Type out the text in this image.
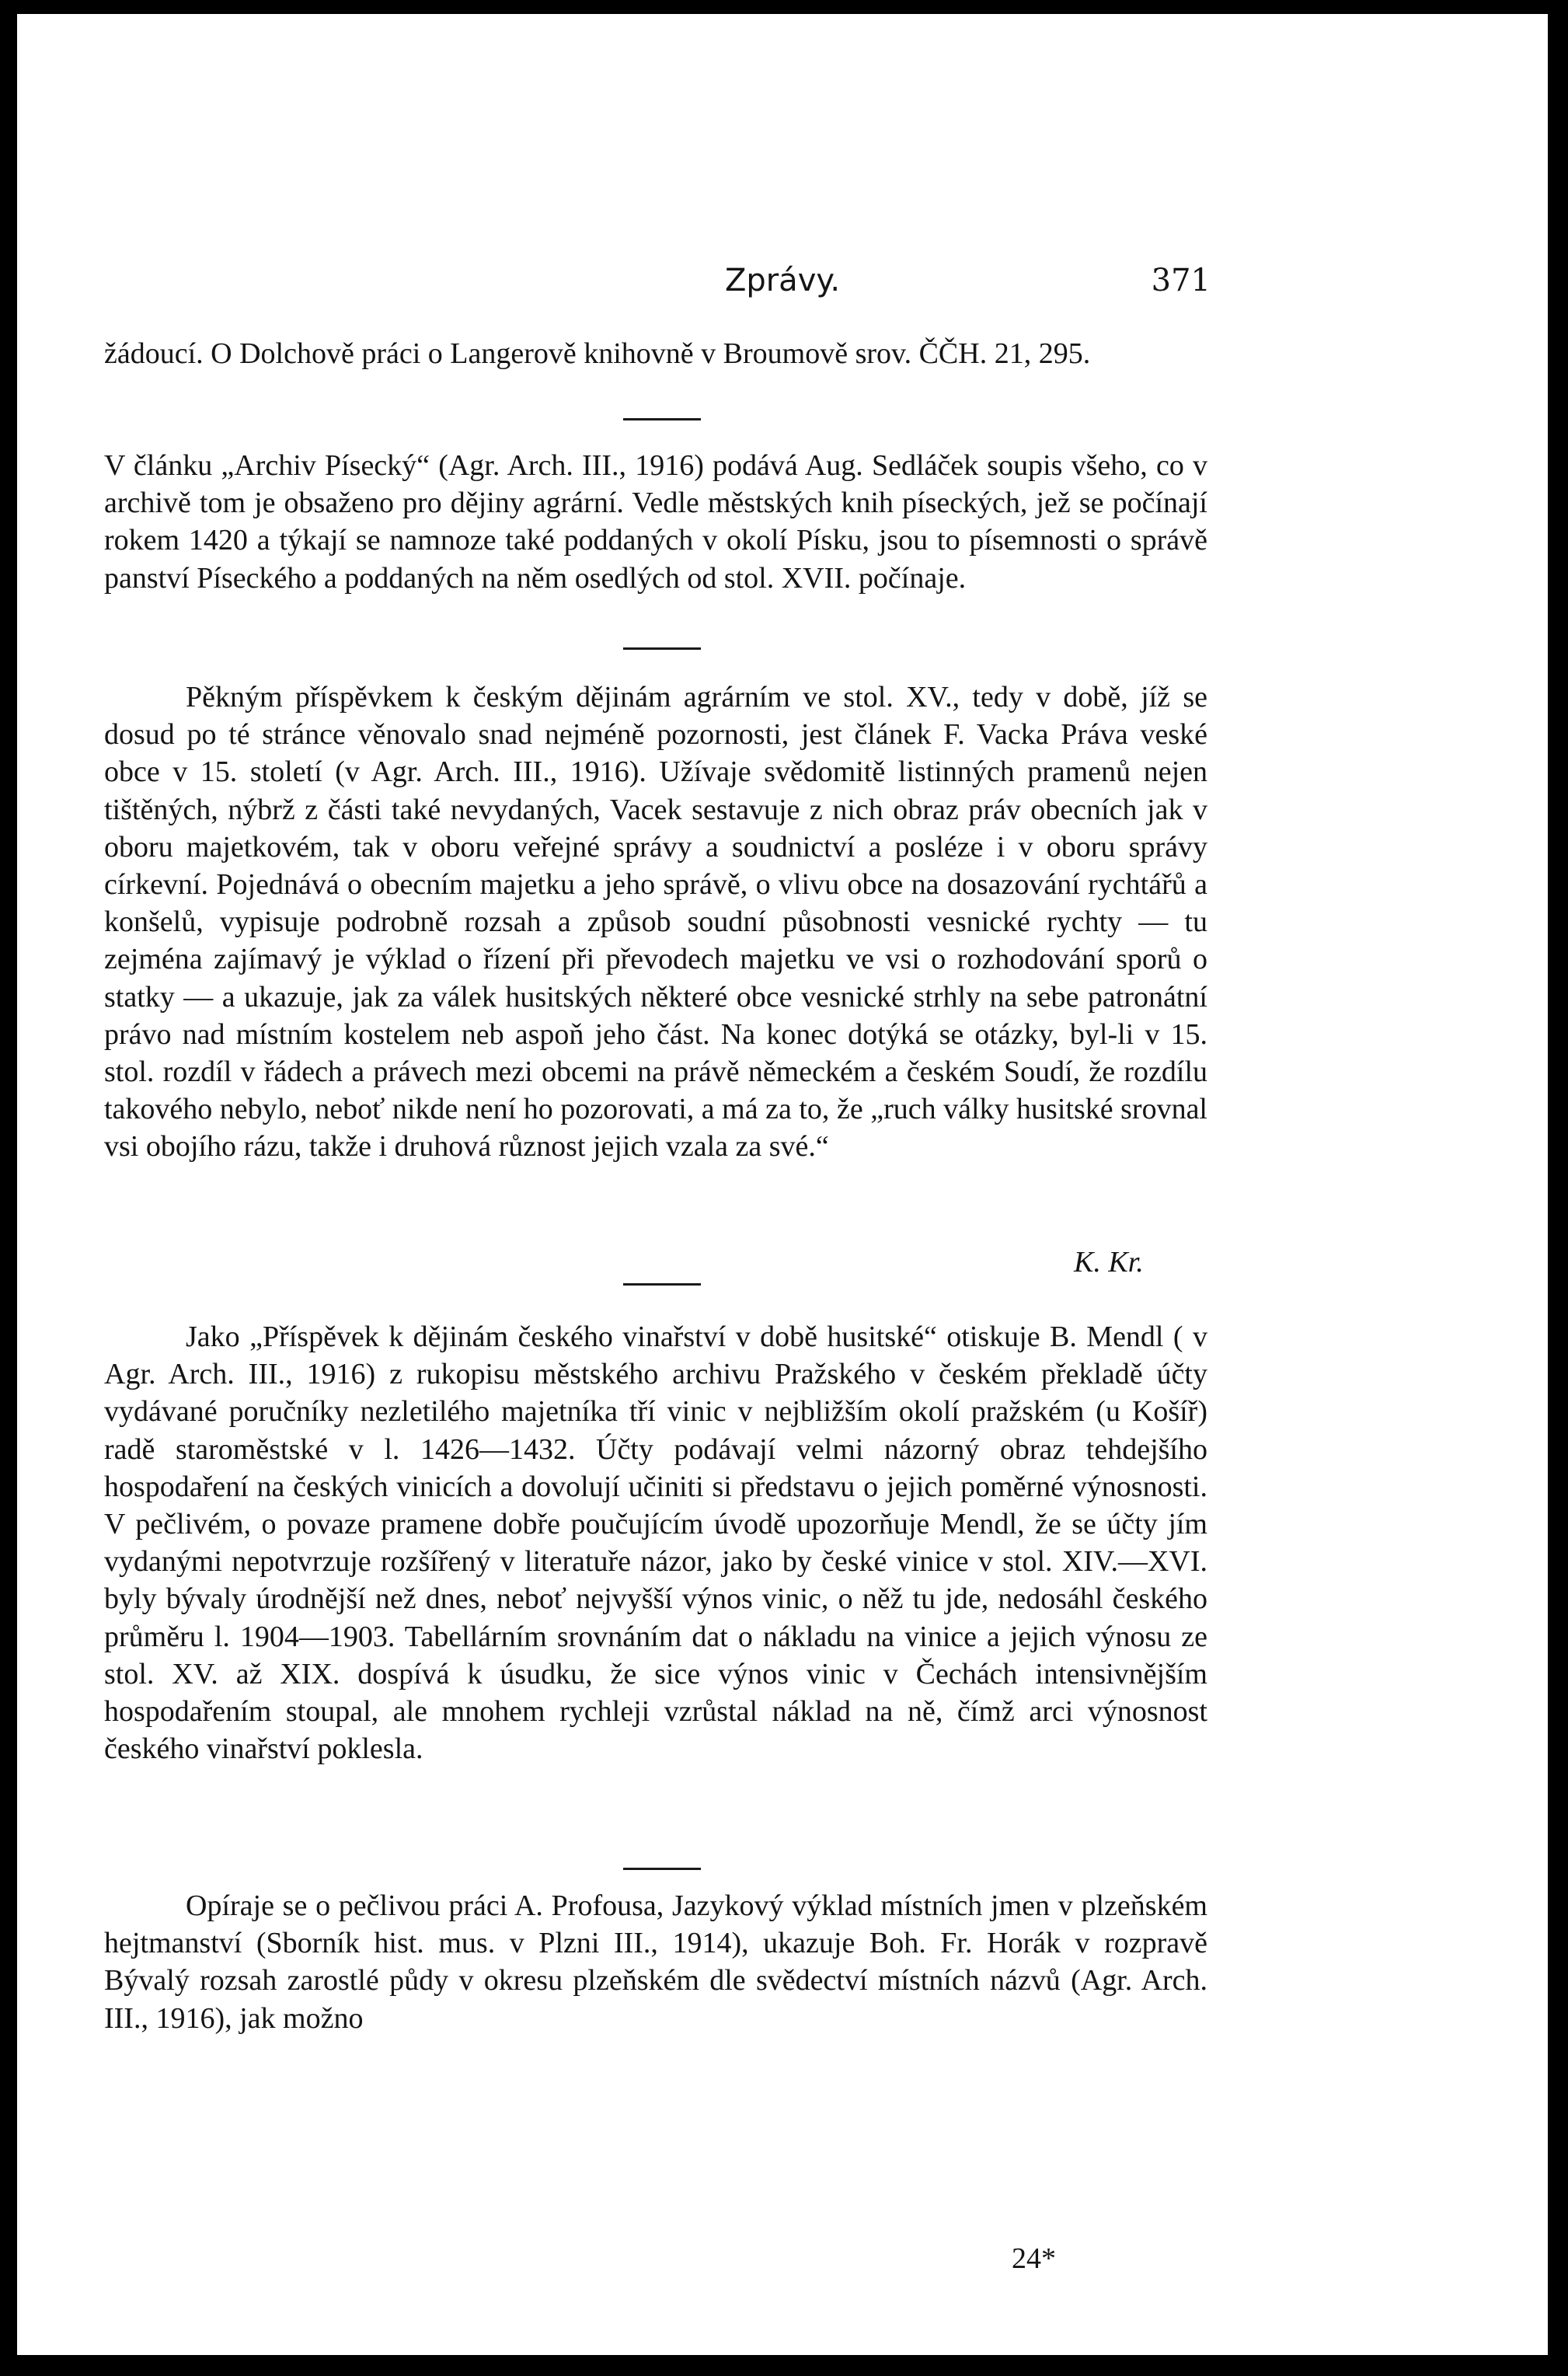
Zprávy.	371
žádoucí. O Dolchově práci o Langerově knihovně v Broumově srov. ČČH. 21, 295.
V článku „Archiv Písecký“ (Agr. Arch. III., 1916) podává Aug. Sedláček soupis všeho, co v archivě tom je obsaženo pro dějiny agrární. Vedle městských knih píseckých, jež se počínají rokem 1420 a týkají se namnoze také poddaných v okolí Písku, jsou to písemnosti o správě panství Píseckého a poddaných na něm osedlých od stol. XVII. počínaje.
Pěkným příspěvkem k českým dějinám agrárním ve stol. XV., tedy v době, jíž se dosud po té stránce věnovalo snad nejméně pozornosti, jest článek F. Vacka Práva veské obce v 15. století (v Agr. Arch. III., 1916). Užívaje svědomitě listinných pramenů nejen tištěných, nýbrž z části také nevydaných, Vacek sestavuje z nich obraz práv obecních jak v oboru majetkovém, tak v oboru veřejné správy a soudnictví a posléze i v oboru správy církevní. Pojednává o obecním majetku a jeho správě, o vlivu obce na dosazování rychtářů a konšelů, vypisuje podrobně rozsah a způsob soudní působnosti vesnické rychty — tu zejména zajímavý je výklad o řízení při převodech majetku ve vsi o rozhodování sporů o statky — a ukazuje, jak za válek husitských některé obce vesnické strhly na sebe patronátní právo nad místním kostelem neb aspoň jeho část. Na konec dotýká se otázky, byl-li v 15. stol. rozdíl v řádech a právech mezi obcemi na právě německém a českém Soudí, že rozdílu takového nebylo, neboť nikde není ho pozorovati, a má za to, že „ruch války husitské srovnal vsi obojího rázu, takže i druhová různost jejich vzala za své.“
K. Kr.
Jako „Příspěvek k dějinám českého vinařství v době husitské“ otiskuje B. Mendl ( v Agr. Arch. III., 1916) z rukopisu městského archivu Pražského v českém překladě účty vydávané poručníky nezletilého majetníka tří vinic v nejbližším okolí pražském (u Košíř) radě staroměstské v l. 1426—1432. Účty podávají velmi názorný obraz tehdejšího hospodaření na českých vinicích a dovolují učiniti si představu o jejich poměrné výnosnosti. V pečlivém, o povaze pramene dobře poučujícím úvodě upozorňuje Mendl, že se účty jím vydanými nepotvrzuje rozšířený v literatuře názor, jako by české vinice v stol. XIV.—XVI. byly bývaly úrodnější než dnes, neboť nejvyšší výnos vinic, o něž tu jde, nedosáhl českého průměru l. 1904—1903. Tabellárním srovnáním dat o nákladu na vinice a jejich výnosu ze stol. XV. až XIX. dospívá k úsudku, že sice výnos vinic v Čechách intensivnějším hospodařením stoupal, ale mnohem rychleji vzrůstal náklad na ně, čímž arci výnosnost českého vinařství poklesla.
Opíraje se o pečlivou práci A. Profousa, Jazykový výklad místních jmen v plzeňském hejtmanství (Sborník hist. mus. v Plzni III., 1914), ukazuje Boh. Fr. Horák v rozpravě Bývalý rozsah zarostlé půdy v okresu plzeňském dle svědectví místních názvů (Agr. Arch. III., 1916), jak možno
24*
